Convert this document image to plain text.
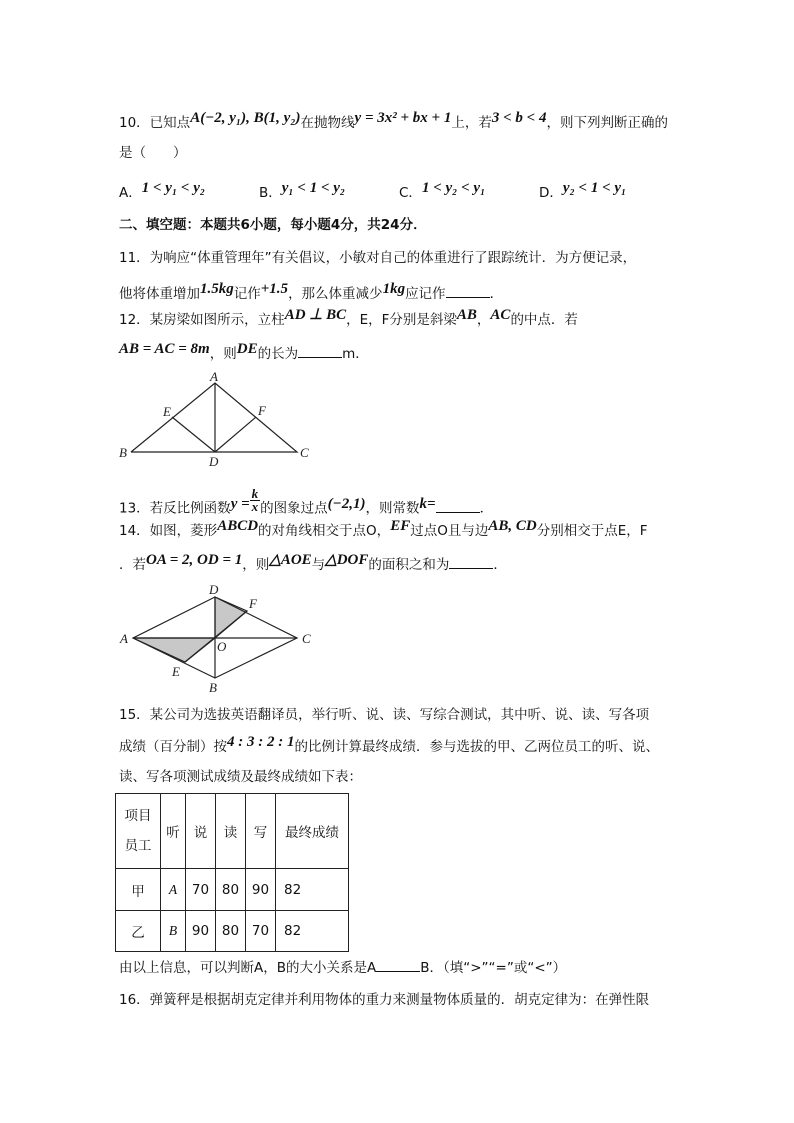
10．已知点A(−2, y₁), B(1, y₂)在抛物线y = 3x² + bx + 1上，若3 < b < 4，则下列判断正确的
是（　　）
A．1 < y₁ < y₂	B．y₁ < 1 < y₂	C．1 < y₂ < y₁	D．y₂ < 1 < y₁
二、填空题：本题共6小题，每小题4分，共24分．
11．为响应“体重管理年”有关倡议，小敏对自己的体重进行了跟踪统计．为方便记录，
他将体重增加1.5kg记作+1.5，那么体重减少1kg应记作	．
12．某房梁如图所示，立柱AD ⊥ BC，E，F分别是斜梁AB，AC的中点．若
AB = AC = 8m，则DE的长为	m．
A
E	F
B
D
C
D
F
A
O
C
E
B
13．若反比例函数$y = \frac{k}{x}$ 的图象过点(−2,1)，则常数k=	．
14．如图，菱形ABCD的对角线相交于点O，EF过点O且与边AB, CD分别相交于点E，F
．若OA = 2, OD = 1，则△AOE与△DOF的面积之和为	．
15．某公司为选拔英语翻译员，举行听、说、读、写综合测试，其中听、说、读、写各项
成绩（百分制）按4 : 3 : 2 : 1的比例计算最终成绩．参与选拔的甲、乙两位员工的听、说、
读、写各项测试成绩及最终成绩如下表：
项目
员工	听	说	读	写	最终成绩
甲	A	70	80	90	82
乙	B	90	80	70	82
由以上信息，可以判断A，B的大小关系是A	B．（填“>”“=”或“<”）
16．弹簧秤是根据胡克定律并利用物体的重力来测量物体质量的．胡克定律为：在弹性限
